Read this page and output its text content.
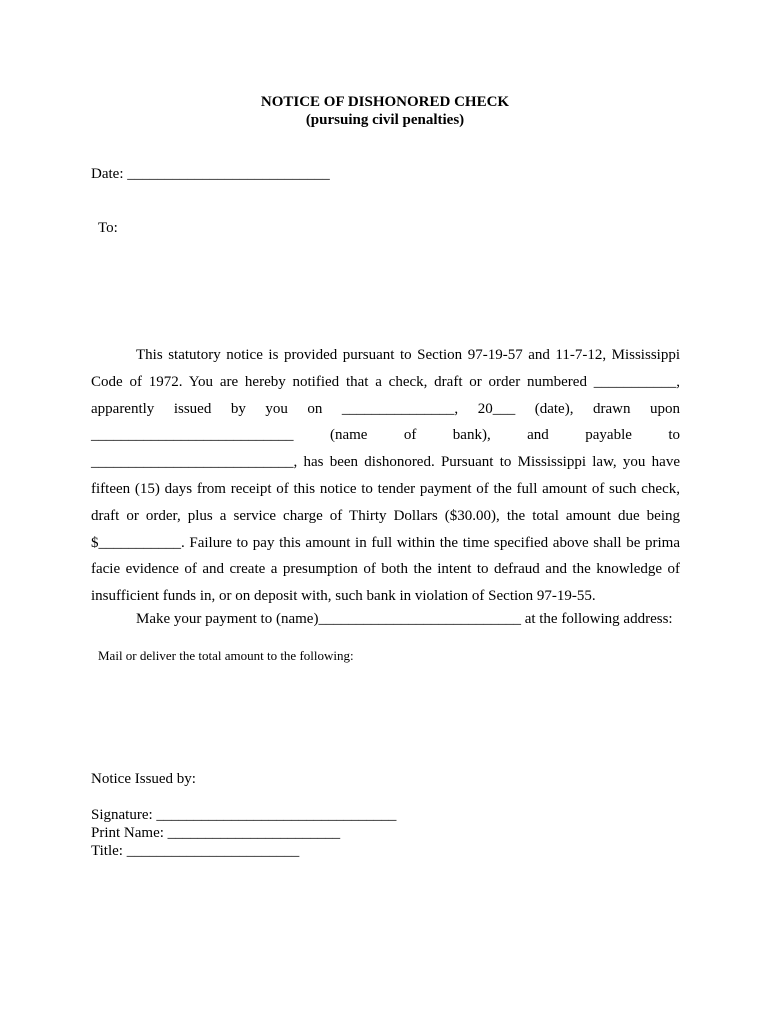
NOTICE OF DISHONORED CHECK
(pursuing civil penalties)
Date: ___________________________
To:
This statutory notice is provided pursuant to Section 97-19-57 and 11-7-12, Mississippi Code of 1972. You are hereby notified that a check, draft or order numbered ___________, apparently issued by you on _______________, 20___ (date), drawn upon ___________________________ (name of bank), and payable to ___________________________, has been dishonored. Pursuant to Mississippi law, you have fifteen (15) days from receipt of this notice to tender payment of the full amount of such check, draft or order, plus a service charge of Thirty Dollars ($30.00), the total amount due being $___________. Failure to pay this amount in full within the time specified above shall be prima facie evidence of and create a presumption of both the intent to defraud and the knowledge of insufficient funds in, or on deposit with, such bank in violation of Section 97-19-55.
Make your payment to (name)___________________________ at the following address:
Mail or deliver the total amount to the following:
Notice Issued by:
Signature: ________________________________
Print Name: _______________________
Title: _______________________
